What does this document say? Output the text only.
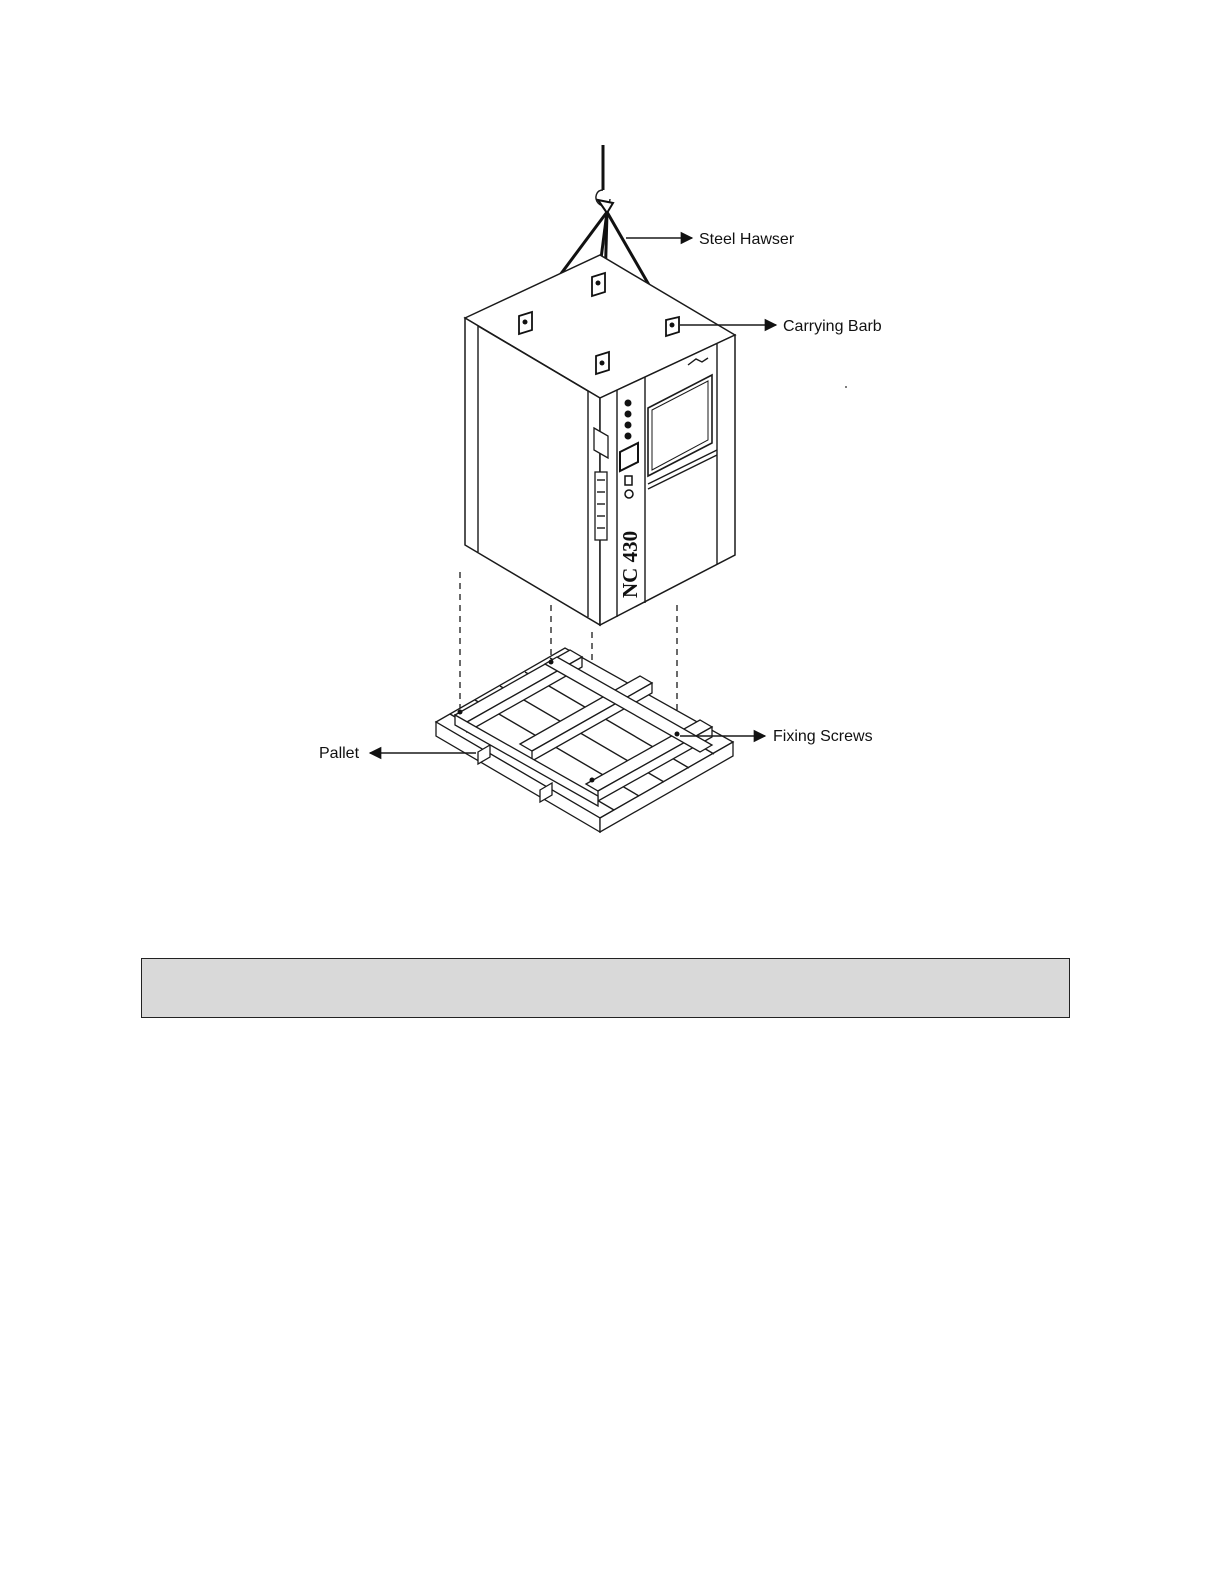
NC 430
Steel Hawser
Carrying Barb
Fixing Screws
Pallet
